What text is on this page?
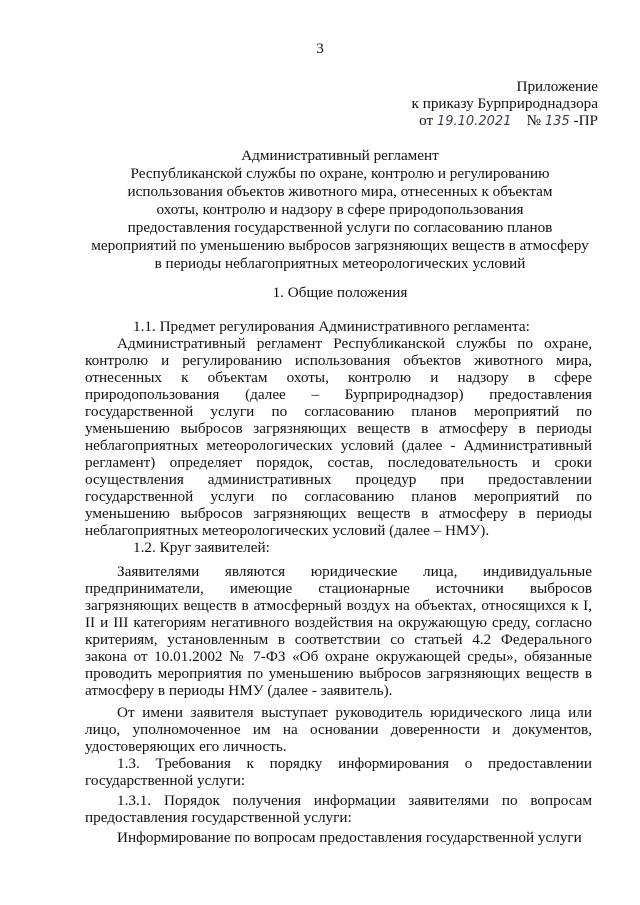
3
Приложение
к приказу Бурприроднадзора
от 19.10.2021 № 135 -ПР
Административный регламент
Республиканской службы по охране, контролю и регулированию
использования объектов животного мира, отнесенных к объектам
охоты, контролю и надзору в сфере природопользования
предоставления государственной услуги по согласованию планов
мероприятий по уменьшению выбросов загрязняющих веществ в атмосферу
в периоды неблагоприятных метеорологических условий
1. Общие положения

1.1. Предмет регулирования Административного регламента:

Административный регламент Республиканской службы по охране, контролю и регулированию использования объектов животного мира, отнесенных к объектам охоты, контролю и надзору в сфере природопользования (далее – Бурприроднадзор) предоставления государственной услуги по согласованию планов мероприятий по уменьшению выбросов загрязняющих веществ в атмосферу в периоды неблагоприятных метеорологических условий (далее - Административный регламент) определяет порядок, состав, последовательность и сроки осуществления административных процедур при предоставлении государственной услуги по согласованию планов мероприятий по уменьшению выбросов загрязняющих веществ в атмосферу в периоды неблагоприятных метеорологических условий (далее – НМУ).

1.2. Круг заявителей:

Заявителями являются юридические лица, индивидуальные предприниматели, имеющие стационарные источники выбросов загрязняющих веществ в атмосферный воздух на объектах, относящихся к I, II и III категориям негативного воздействия на окружающую среду, согласно критериям, установленным в соответствии со статьей 4.2 Федерального закона от 10.01.2002 № 7-ФЗ «Об охране окружающей среды», обязанные проводить мероприятия по уменьшению выбросов загрязняющих веществ в атмосферу в периоды НМУ (далее - заявитель).

От имени заявителя выступает руководитель юридического лица или лицо, уполномоченное им на основании доверенности и документов, удостоверяющих его личность.

1.3. Требования к порядку информирования о предоставлении государственной услуги:

1.3.1. Порядок получения информации заявителями по вопросам предоставления государственной услуги:

Информирование по вопросам предоставления государственной услуги
